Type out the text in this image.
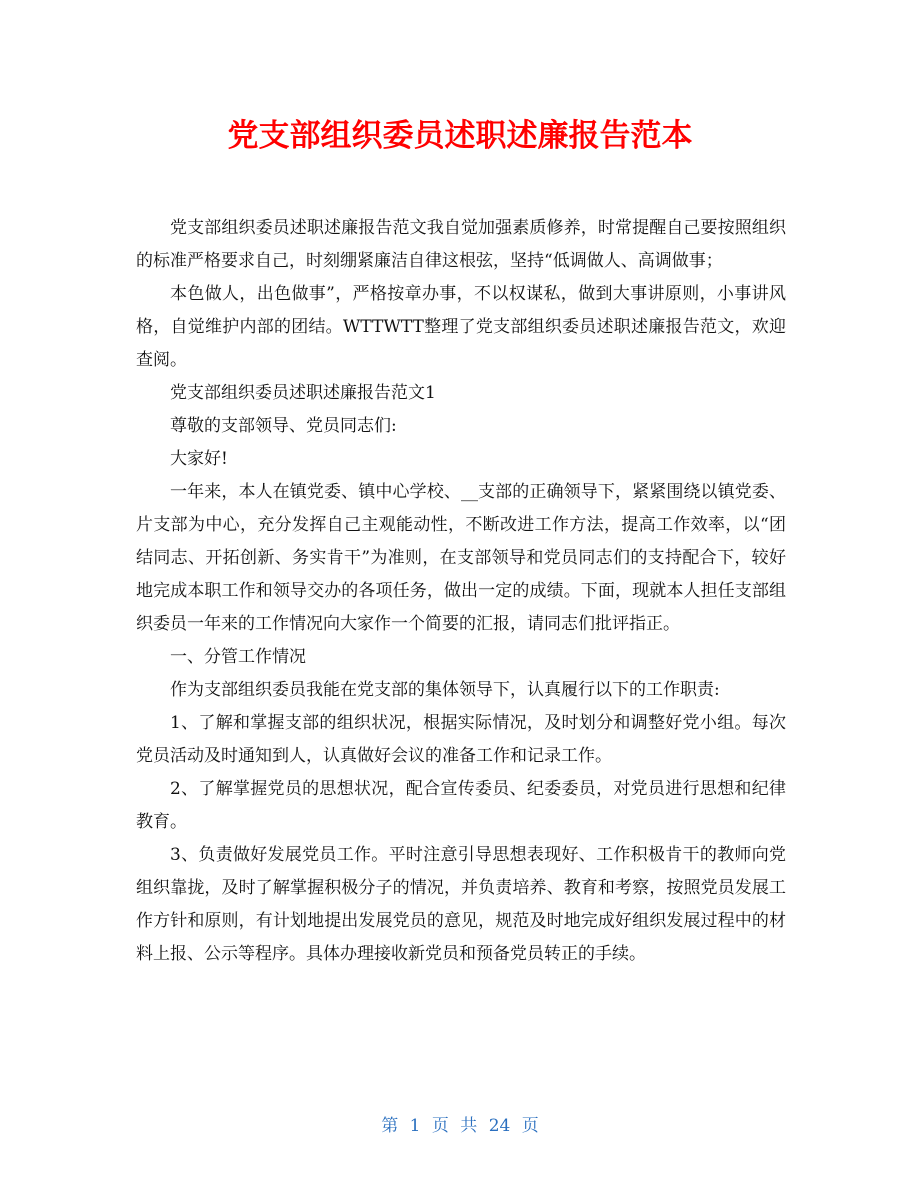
党支部组织委员述职述廉报告范本

党支部组织委员述职述廉报告范文我自觉加强素质修养，时常提醒自己要按照组织的标准严格要求自己，时刻绷紧廉洁自律这根弦，坚持“低调做人、高调做事；

本色做人，出色做事”，严格按章办事，不以权谋私，做到大事讲原则，小事讲风格，自觉维护内部的团结。WTTWTT整理了党支部组织委员述职述廉报告范文，欢迎查阅。

党支部组织委员述职述廉报告范文1

尊敬的支部领导、党员同志们:

大家好!

一年来，本人在镇党委、镇中心学校、__支部的正确领导下，紧紧围绕以镇党委、片支部为中心，充分发挥自己主观能动性，不断改进工作方法，提高工作效率，以“团结同志、开拓创新、务实肯干”为准则，在支部领导和党员同志们的支持配合下，较好地完成本职工作和领导交办的各项任务，做出一定的成绩。下面，现就本人担任支部组织委员一年来的工作情况向大家作一个简要的汇报，请同志们批评指正。

一、分管工作情况

作为支部组织委员我能在党支部的集体领导下，认真履行以下的工作职责:

1、了解和掌握支部的组织状况，根据实际情况，及时划分和调整好党小组。每次党员活动及时通知到人，认真做好会议的准备工作和记录工作。

2、了解掌握党员的思想状况，配合宣传委员、纪委委员，对党员进行思想和纪律教育。

3、负责做好发展党员工作。平时注意引导思想表现好、工作积极肯干的教师向党组织靠拢，及时了解掌握积极分子的情况，并负责培养、教育和考察，按照党员发展工作方针和原则，有计划地提出发展党员的意见，规范及时地完成好组织发展过程中的材料上报、公示等程序。具体办理接收新党员和预备党员转正的手续。

第 1 页 共 24 页
